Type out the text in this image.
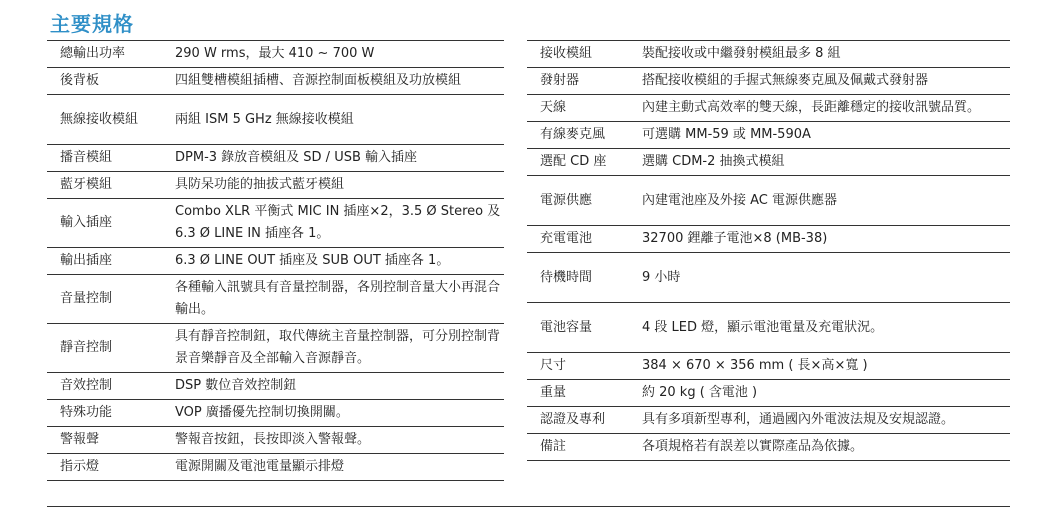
主要規格
總輸出功率	290 W rms，最大 410 ~ 700 W
後背板	四組雙槽模組插槽、音源控制面板模組及功放模組
無線接收模組	兩組 ISM 5 GHz 無線接收模組
播音模組	DPM-3 錄放音模組及 SD / USB 輸入插座
藍牙模組	具防呆功能的抽拔式藍牙模組
輸入插座	Combo XLR 平衡式 MIC IN 插座×2，3.5 Ø Stereo 及 6.3 Ø LINE IN 插座各 1。
輸出插座	6.3 Ø LINE OUT 插座及 SUB OUT 插座各 1。
音量控制	各種輸入訊號具有音量控制器，各別控制音量大小再混合輸出。
靜音控制	具有靜音控制鈕，取代傳統主音量控制器，可分別控制背景音樂靜音及全部輸入音源靜音。
音效控制	DSP 數位音效控制鈕
特殊功能	VOP 廣播優先控制切換開關。
警報聲	警報音按鈕，長按即淡入警報聲。
指示燈	電源開關及電池電量顯示排燈
接收模組	裝配接收或中繼發射模組最多 8 組
發射器	搭配接收模組的手握式無線麥克風及佩戴式發射器
天線	內建主動式高效率的雙天線，長距離穩定的接收訊號品質。
有線麥克風	可選購 MM-59 或 MM-590A
選配 CD 座	選購 CDM-2 抽換式模組
電源供應	內建電池座及外接 AC 電源供應器
充電電池	32700 鋰離子電池×8 (MB-38)
待機時間	9 小時
電池容量	4 段 LED 燈，顯示電池電量及充電狀況。
尺寸	384 × 670 × 356 mm ( 長×高×寬 )
重量	約 20 kg ( 含電池 )
認證及專利	具有多項新型專利，通過國內外電波法規及安規認證。
備註	各項規格若有誤差以實際產品為依據。
